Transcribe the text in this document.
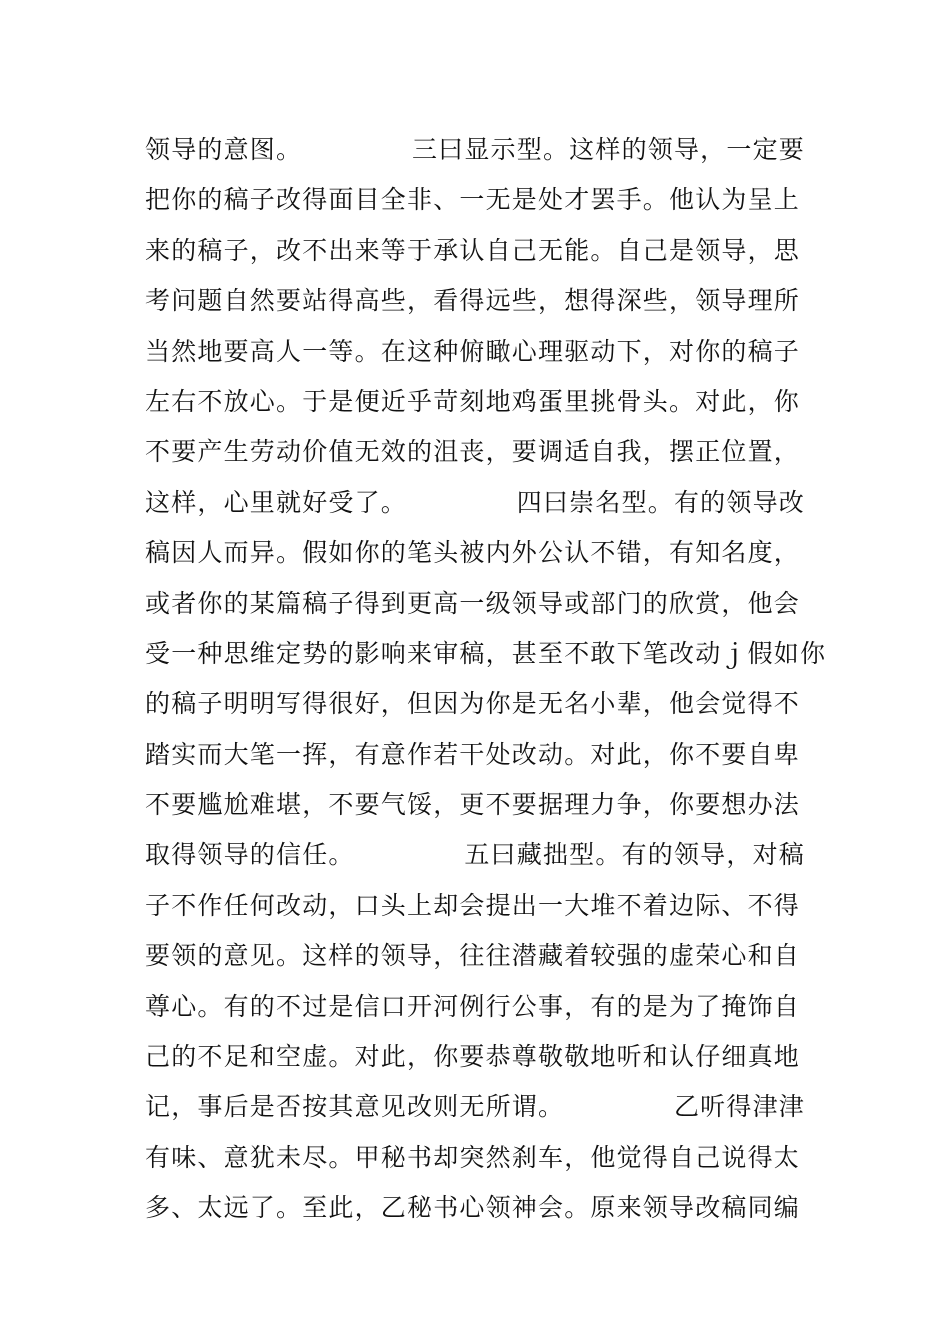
领导的意图。            三曰显示型。这样的领导，一定要
把你的稿子改得面目全非、一无是处才罢手。他认为呈上
来的稿子，改不出来等于承认自己无能。自己是领导，思
考问题自然要站得高些，看得远些，想得深些，领导理所
当然地要高人一等。在这种俯瞰心理驱动下，对你的稿子
左右不放心。于是便近乎苛刻地鸡蛋里挑骨头。对此，你
不要产生劳动价值无效的沮丧，要调适自我，摆正位置，
这样，心里就好受了。            四曰崇名型。有的领导改
稿因人而异。假如你的笔头被内外公认不错，有知名度，
或者你的某篇稿子得到更高一级领导或部门的欣赏，他会
受一种思维定势的影响来审稿，甚至不敢下笔改动ｊ假如你
的稿子明明写得很好，但因为你是无名小辈，他会觉得不
踏实而大笔一挥，有意作若干处改动。对此，你不要自卑
不要尴尬难堪，不要气馁，更不要据理力争，你要想办法
取得领导的信任。            五曰藏拙型。有的领导，对稿
子不作任何改动，口头上却会提出一大堆不着边际、不得
要领的意见。这样的领导，往往潜藏着较强的虚荣心和自
尊心。有的不过是信口开河例行公事，有的是为了掩饰自
己的不足和空虚。对此，你要恭尊敬敬地听和认仔细真地
记，事后是否按其意见改则无所谓。            乙听得津津
有味、意犹未尽。甲秘书却突然刹车，他觉得自己说得太
多、太远了。至此，乙秘书心领神会。原来领导改稿同编
